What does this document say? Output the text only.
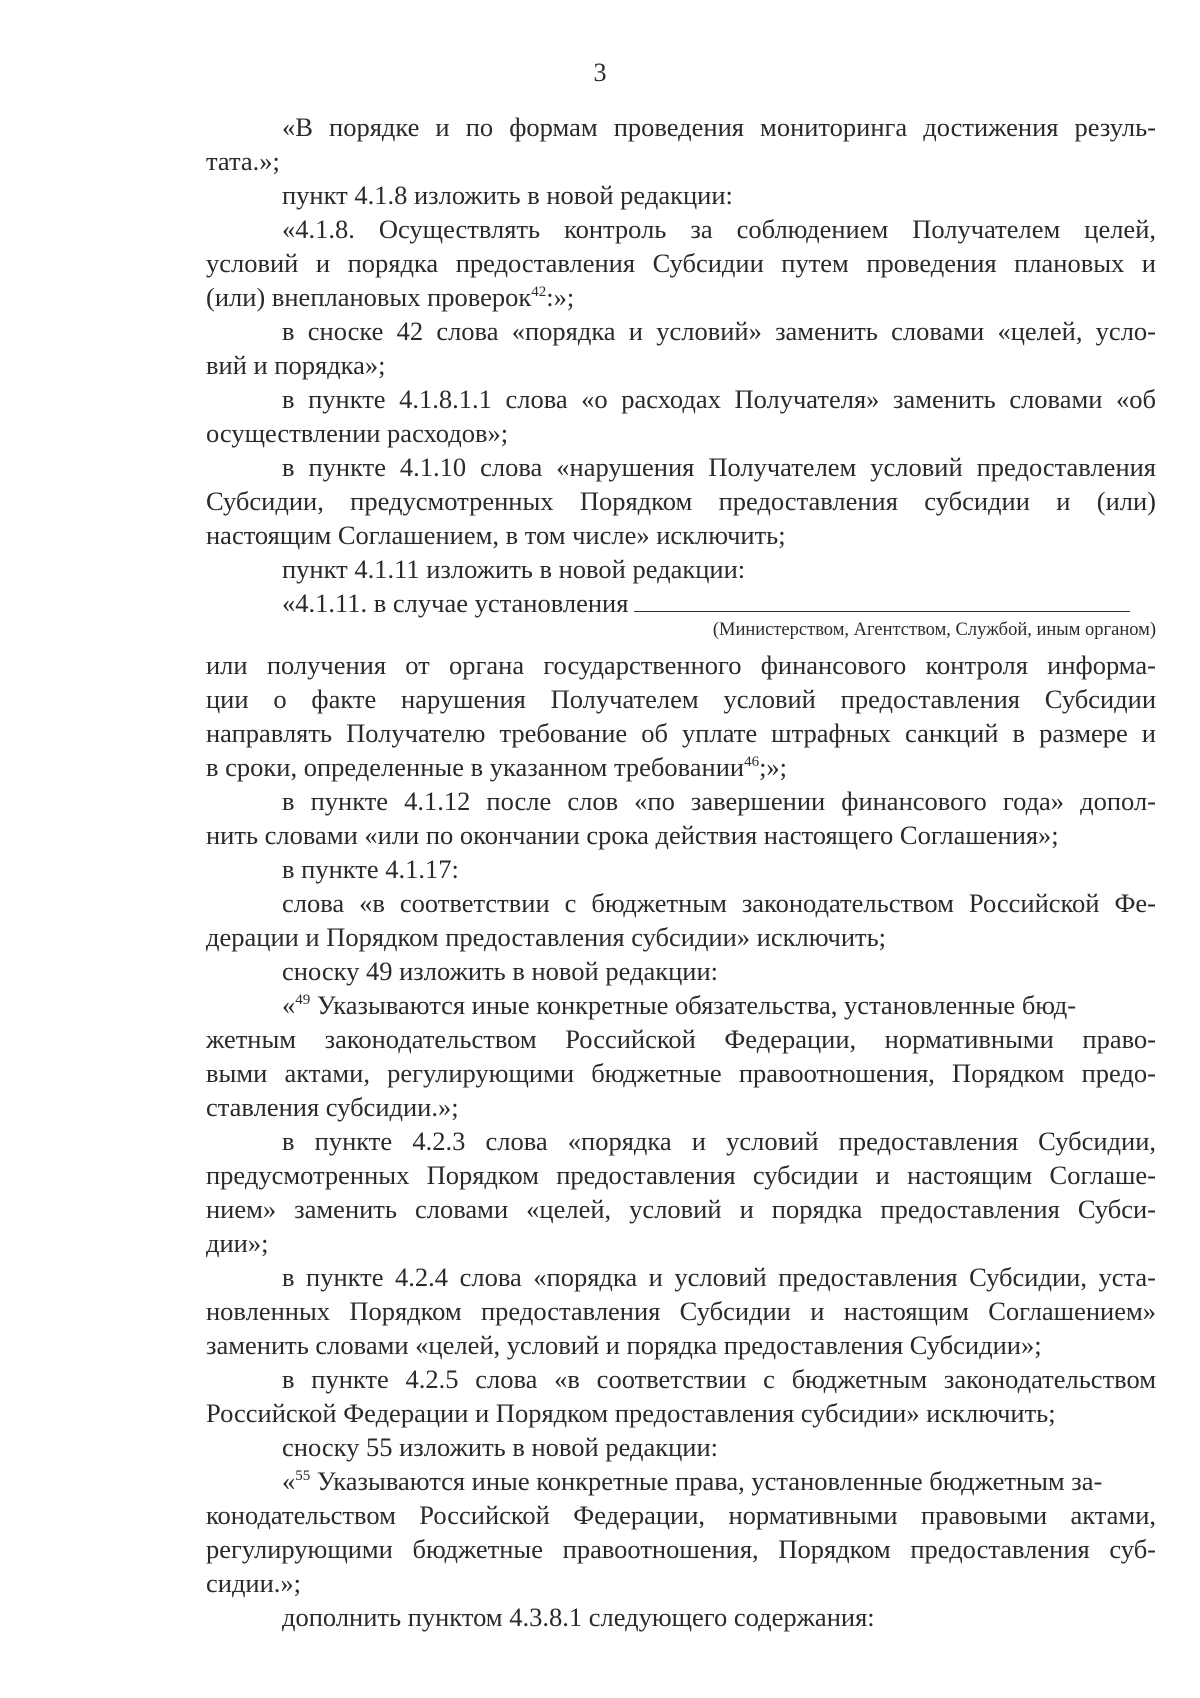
3
«В порядке и по формам проведения мониторинга достижения резуль-
тата.»;
пункт 4.1.8 изложить в новой редакции:
«4.1.8. Осуществлять контроль за соблюдением Получателем целей,
условий и порядка предоставления Субсидии путем проведения плановых и
(или) внеплановых проверок$^{42}$:»;
в сноске 42 слова «порядка и условий» заменить словами «целей, усло-
вий и порядка»;
в пункте 4.1.8.1.1 слова «о расходах Получателя» заменить словами «об
осуществлении расходов»;
в пункте 4.1.10 слова «нарушения Получателем условий предоставления
Субсидии, предусмотренных Порядком предоставления субсидии и (или)
настоящим Соглашением, в том числе» исключить;
пункт 4.1.11 изложить в новой редакции:
«4.1.11. в случае установления
(Министерством, Агентством, Службой, иным органом)
или получения от органа государственного финансового контроля информа-
ции о факте нарушения Получателем условий предоставления Субсидии
направлять Получателю требование об уплате штрафных санкций в размере и
в сроки, определенные в указанном требовании$^{46}$;»;
в пункте 4.1.12 после слов «по завершении финансового года» допол-
нить словами «или по окончании срока действия настоящего Соглашения»;
в пункте 4.1.17:
слова «в соответствии с бюджетным законодательством Российской Фе-
дерации и Порядком предоставления субсидии» исключить;
сноску 49 изложить в новой редакции:
«$^{49}$ Указываются иные конкретные обязательства, установленные бюд-
жетным законодательством Российской Федерации, нормативными право-
выми актами, регулирующими бюджетные правоотношения, Порядком предо-
ставления субсидии.»;
в пункте 4.2.3 слова «порядка и условий предоставления Субсидии,
предусмотренных Порядком предоставления субсидии и настоящим Соглаше-
нием» заменить словами «целей, условий и порядка предоставления Субси-
дии»;
в пункте 4.2.4 слова «порядка и условий предоставления Субсидии, уста-
новленных Порядком предоставления Субсидии и настоящим Соглашением»
заменить словами «целей, условий и порядка предоставления Субсидии»;
в пункте 4.2.5 слова «в соответствии с бюджетным законодательством
Российской Федерации и Порядком предоставления субсидии» исключить;
сноску 55 изложить в новой редакции:
«$^{55}$ Указываются иные конкретные права, установленные бюджетным за-
конодательством Российской Федерации, нормативными правовыми актами,
регулирующими бюджетные правоотношения, Порядком предоставления суб-
сидии.»;
дополнить пунктом 4.3.8.1 следующего содержания:
